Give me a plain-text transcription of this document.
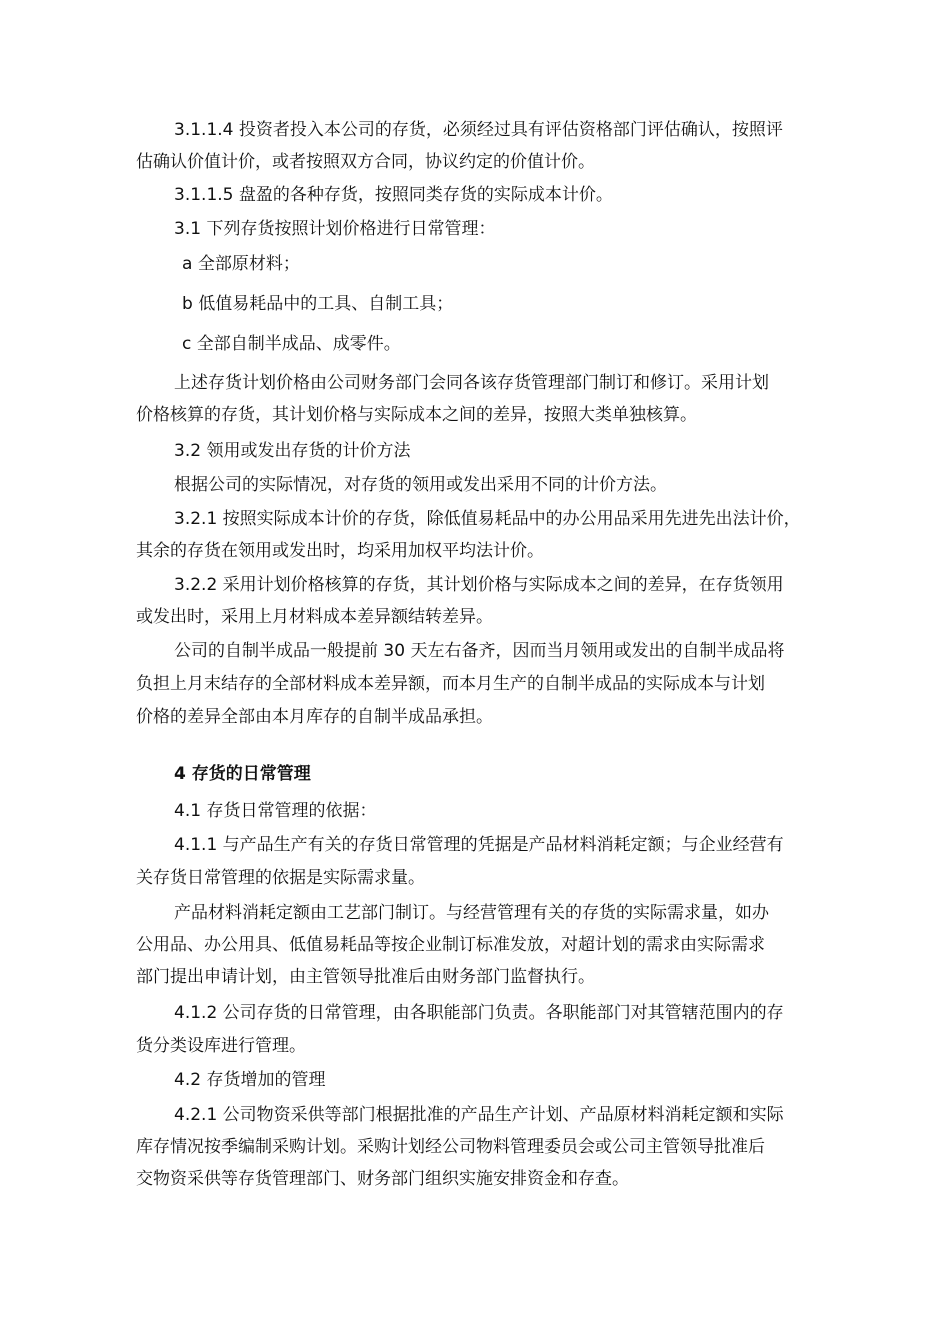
3.1.1.4 投资者投入本公司的存货，必须经过具有评估资格部门评估确认，按照评
估确认价值计价，或者按照双方合同，协议约定的价值计价。
3.1.1.5 盘盈的各种存货，按照同类存货的实际成本计价。
3.1 下列存货按照计划价格进行日常管理：
a 全部原材料；
b 低值易耗品中的工具、自制工具；
c 全部自制半成品、成零件。
上述存货计划价格由公司财务部门会同各该存货管理部门制订和修订。采用计划
价格核算的存货，其计划价格与实际成本之间的差异，按照大类单独核算。
3.2 领用或发出存货的计价方法
根据公司的实际情况，对存货的领用或发出采用不同的计价方法。
3.2.1 按照实际成本计价的存货，除低值易耗品中的办公用品采用先进先出法计价，
其余的存货在领用或发出时，均采用加权平均法计价。
3.2.2 采用计划价格核算的存货，其计划价格与实际成本之间的差异，在存货领用
或发出时，采用上月材料成本差异额结转差异。
公司的自制半成品一般提前 30 天左右备齐，因而当月领用或发出的自制半成品将
负担上月末结存的全部材料成本差异额，而本月生产的自制半成品的实际成本与计划
价格的差异全部由本月库存的自制半成品承担。
4 存货的日常管理
4.1 存货日常管理的依据：
4.1.1 与产品生产有关的存货日常管理的凭据是产品材料消耗定额；与企业经营有
关存货日常管理的依据是实际需求量。
产品材料消耗定额由工艺部门制订。与经营管理有关的存货的实际需求量，如办
公用品、办公用具、低值易耗品等按企业制订标准发放，对超计划的需求由实际需求
部门提出申请计划，由主管领导批准后由财务部门监督执行。
4.1.2 公司存货的日常管理，由各职能部门负责。各职能部门对其管辖范围内的存
货分类设库进行管理。
4.2 存货增加的管理
4.2.1 公司物资采供等部门根据批准的产品生产计划、产品原材料消耗定额和实际
库存情况按季编制采购计划。采购计划经公司物料管理委员会或公司主管领导批准后
交物资采供等存货管理部门、财务部门组织实施安排资金和存查。
